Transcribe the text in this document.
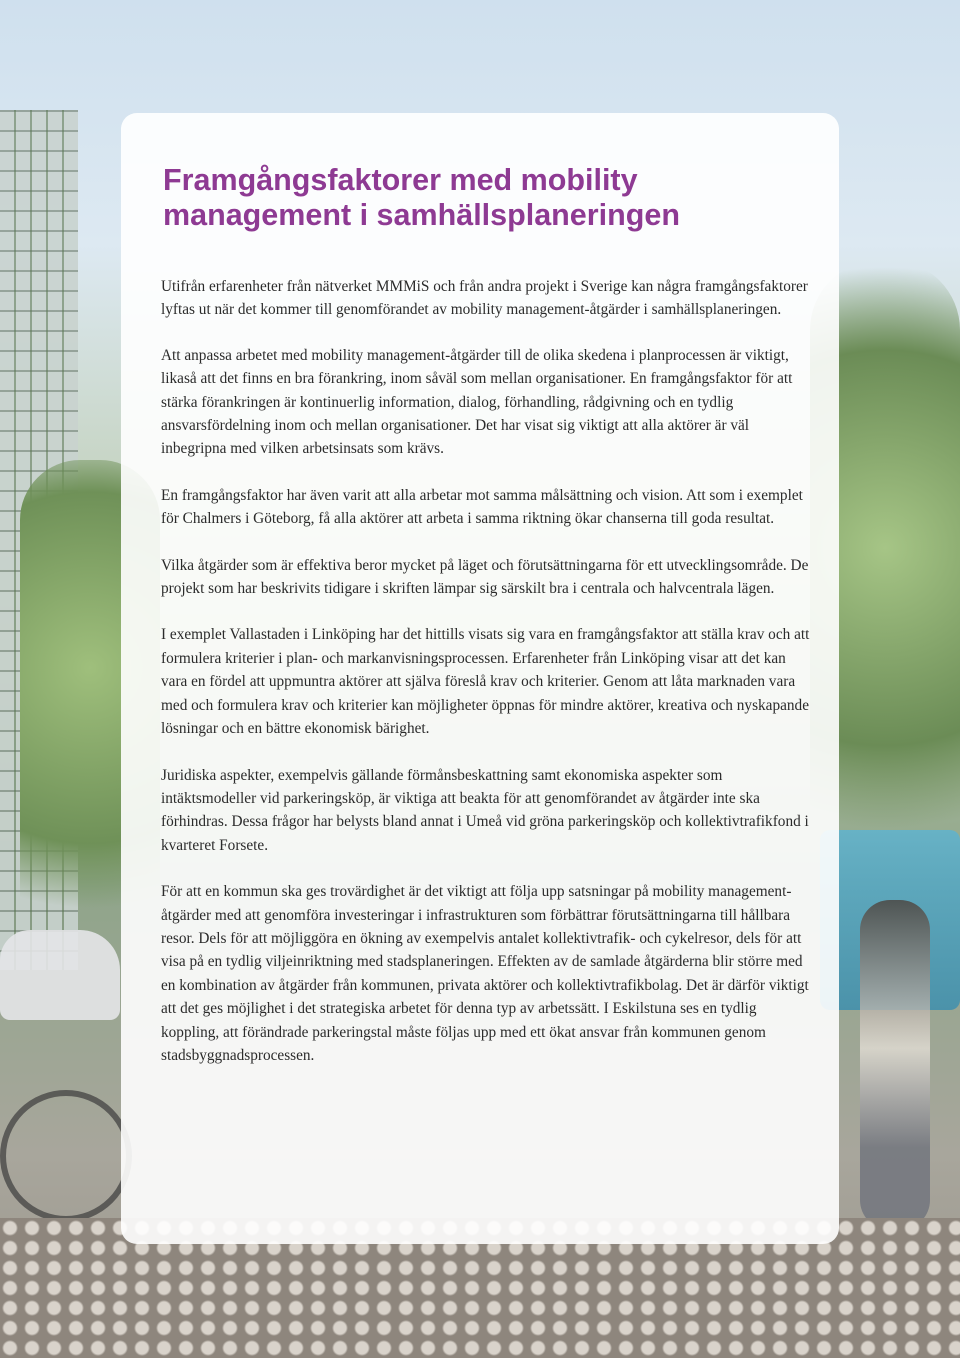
Framgångsfaktorer med mobility
management i samhällsplaneringen

Utifrån erfarenheter från nätverket MMMiS och från andra projekt i Sverige kan några framgångsfaktorer lyftas ut när det kommer till genomförandet av mobility management-åtgärder i samhällsplaneringen.

Att anpassa arbetet med mobility management-åtgärder till de olika skedena i planprocessen är viktigt, likaså att det finns en bra förankring, inom såväl som mellan organisationer. En framgångsfaktor för att stärka förankringen är kontinuerlig information, dialog, förhandling, rådgivning och en tydlig ansvarsfördelning inom och mellan organisationer. Det har visat sig viktigt att alla aktörer är väl inbegripna med vilken arbetsinsats som krävs.

En framgångsfaktor har även varit att alla arbetar mot samma målsättning och vision. Att som i exemplet för Chalmers i Göteborg, få alla aktörer att arbeta i samma riktning ökar chanserna till goda resultat.

Vilka åtgärder som är effektiva beror mycket på läget och förutsättningarna för ett utvecklingsområde. De projekt som har beskrivits tidigare i skriften lämpar sig särskilt bra i centrala och halvcentrala lägen.

I exemplet Vallastaden i Linköping har det hittills visats sig vara en framgångsfaktor att ställa krav och att formulera kriterier i plan- och markanvisningsprocessen. Erfarenheter från Linköping visar att det kan vara en fördel att uppmuntra aktörer att själva föreslå krav och kriterier. Genom att låta marknaden vara med och formulera krav och kriterier kan möjligheter öppnas för mindre aktörer, kreativa och nyskapande lösningar och en bättre ekonomisk bärighet.

Juridiska aspekter, exempelvis gällande förmånsbeskattning samt ekonomiska aspekter som intäktsmodeller vid parkeringsköp, är viktiga att beakta för att genomförandet av åtgärder inte ska förhindras. Dessa frågor har belysts bland annat i Umeå vid gröna parkeringsköp och kollektivtrafikfond i kvarteret Forsete.

För att en kommun ska ges trovärdighet är det viktigt att följa upp satsningar på mobility management-åtgärder med att genomföra investeringar i infrastrukturen som förbättrar förutsättningarna till hållbara resor. Dels för att möjliggöra en ökning av exempelvis antalet kollektivtrafik- och cykelresor, dels för att visa på en tydlig viljeinriktning med stadsplaneringen. Effekten av de samlade åtgärderna blir större med en kombination av åtgärder från kommunen, privata aktörer och kollektivtrafikbolag. Det är därför viktigt att det ges möjlighet i det strategiska arbetet för denna typ av arbetssätt. I Eskilstuna ses en tydlig koppling, att förändrade parkeringstal måste följas upp med ett ökat ansvar från kommunen genom stadsbyggnadsprocessen.
